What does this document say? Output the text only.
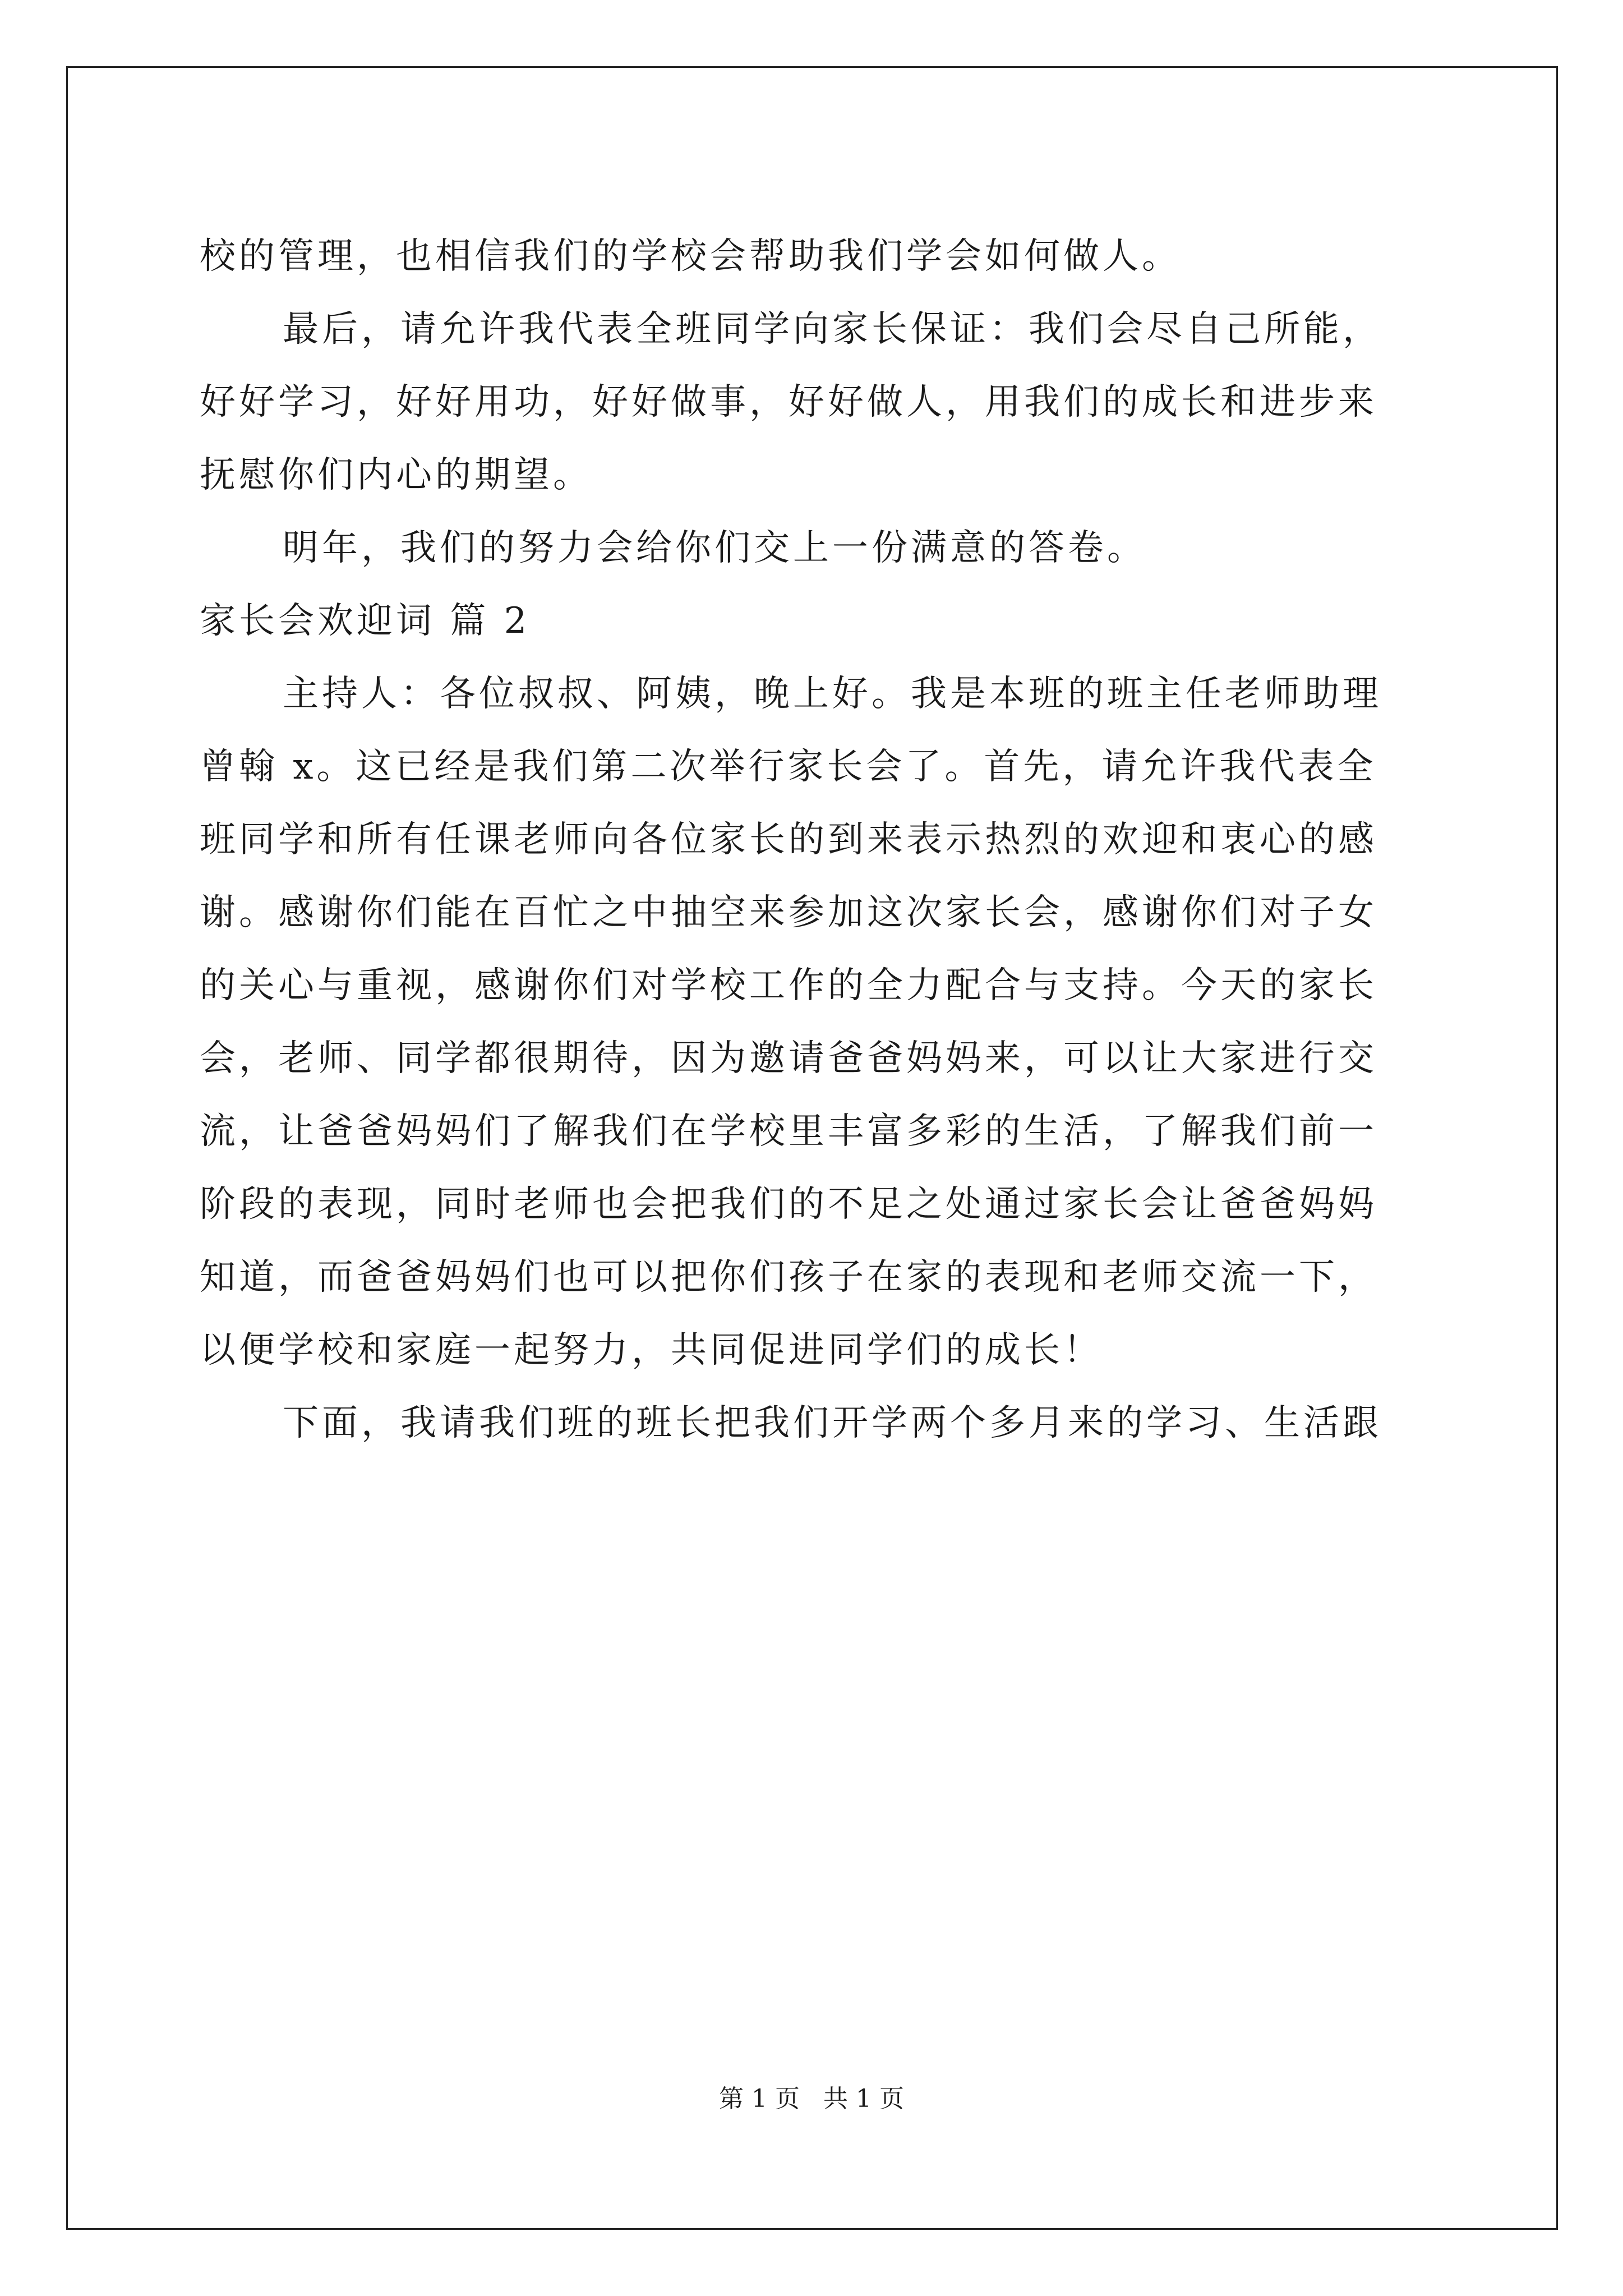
校的管理，也相信我们的学校会帮助我们学会如何做人。

最后，请允许我代表全班同学向家长保证：我们会尽自己所能，

好好学习，好好用功，好好做事，好好做人，用我们的成长和进步来

抚慰你们内心的期望。

明年，我们的努力会给你们交上一份满意的答卷。

家长会欢迎词 篇 2

主持人：各位叔叔、阿姨，晚上好。我是本班的班主任老师助理

曾翰 x。这已经是我们第二次举行家长会了。首先，请允许我代表全

班同学和所有任课老师向各位家长的到来表示热烈的欢迎和衷心的感

谢。感谢你们能在百忙之中抽空来参加这次家长会，感谢你们对子女

的关心与重视，感谢你们对学校工作的全力配合与支持。今天的家长

会，老师、同学都很期待，因为邀请爸爸妈妈来，可以让大家进行交

流，让爸爸妈妈们了解我们在学校里丰富多彩的生活，了解我们前一

阶段的表现，同时老师也会把我们的不足之处通过家长会让爸爸妈妈

知道，而爸爸妈妈们也可以把你们孩子在家的表现和老师交流一下，

以便学校和家庭一起努力，共同促进同学们的成长！

下面，我请我们班的班长把我们开学两个多月来的学习、生活跟

第 1 页   共 1 页
